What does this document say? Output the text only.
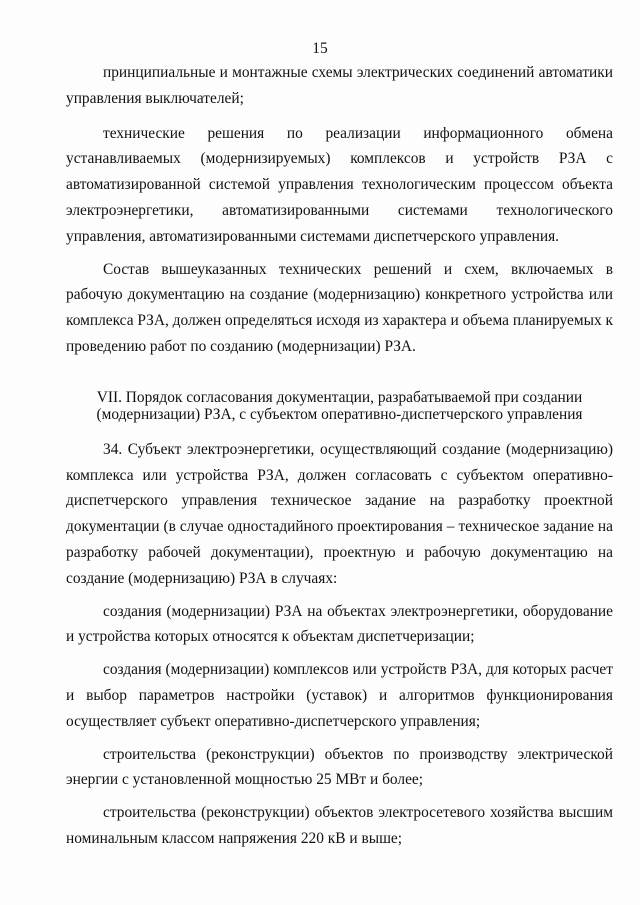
15

принципиальные и монтажные схемы электрических соединений автоматики управления выключателей;

технические решения по реализации информационного обмена устанавливаемых (модернизируемых) комплексов и устройств РЗА с автоматизированной системой управления технологическим процессом объекта электроэнергетики, автоматизированными системами технологического управления, автоматизированными системами диспетчерского управления.

Состав вышеуказанных технических решений и схем, включаемых в рабочую документацию на создание (модернизацию) конкретного устройства или комплекса РЗА, должен определяться исходя из характера и объема планируемых к проведению работ по созданию (модернизации) РЗА.

VII. Порядок согласования документации, разрабатываемой при создании (модернизации) РЗА, с субъектом оперативно-диспетчерского управления

34. Субъект электроэнергетики, осуществляющий создание (модернизацию) комплекса или устройства РЗА, должен согласовать с субъектом оперативно-диспетчерского управления техническое задание на разработку проектной документации (в случае одностадийного проектирования – техническое задание на разработку рабочей документации), проектную и рабочую документацию на создание (модернизацию) РЗА в случаях:

создания (модернизации) РЗА на объектах электроэнергетики, оборудование и устройства которых относятся к объектам диспетчеризации;

создания (модернизации) комплексов или устройств РЗА, для которых расчет и выбор параметров настройки (уставок) и алгоритмов функционирования осуществляет субъект оперативно-диспетчерского управления;

строительства (реконструкции) объектов по производству электрической энергии с установленной мощностью 25 МВт и более;

строительства (реконструкции) объектов электросетевого хозяйства высшим номинальным классом напряжения 220 кВ и выше;
